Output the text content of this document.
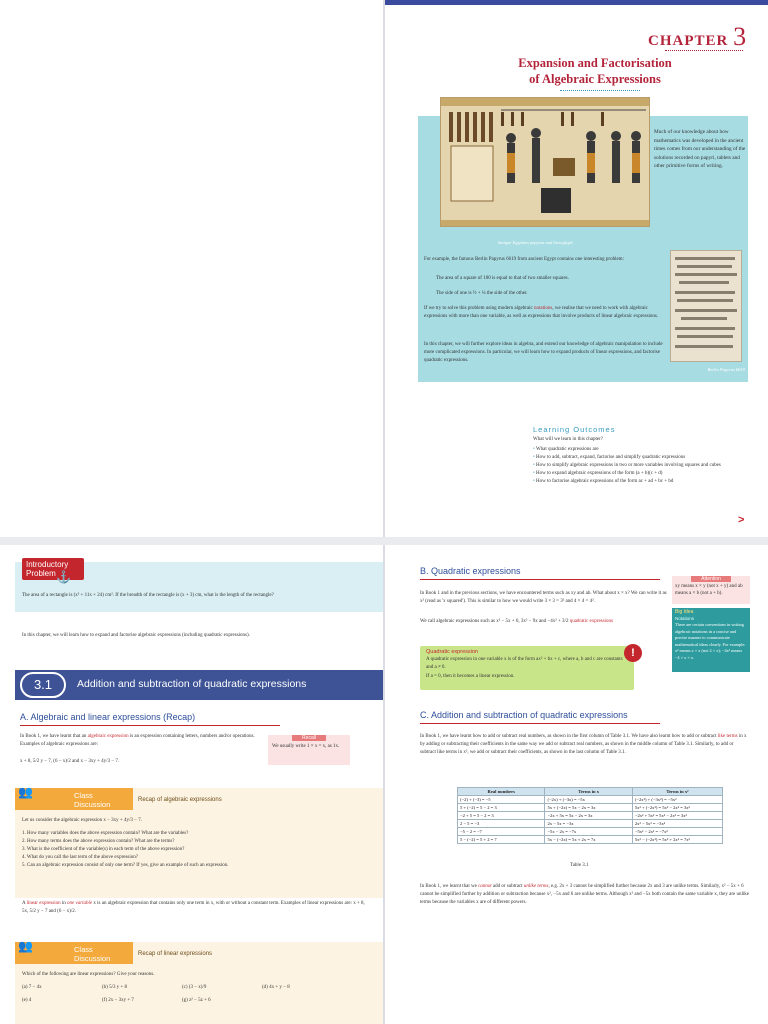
CHAPTER 3
Expansion and Factorisation
of Algebraic Expressions
Much of our knowledge about how mathematics was developed in the ancient times comes from our understanding of the solutions recorded on papyri, tablets and other primitive forms of writing.
Antique Egyptian papyrus and hieroglyph
For example, the famous Berlin Papyrus 6619 from ancient Egypt contains one interesting problem:
The area of a square of 100 is equal to that of two smaller squares.
The side of one is ½ + ¼ the side of the other.
If we try to solve this problem using modern algebraic notations, we realise that we need to work with algebraic expressions with more than one variable, as well as expressions that involve products of linear algebraic expressions.
In this chapter, we will further explore ideas in algebra, and extend our knowledge of algebraic manipulation to include more complicated expressions. In particular, we will learn how to expand products of linear expressions, and factorise quadratic expressions.
Berlin Papyrus 6619
Learning Outcomes
What will we learn in this chapter?
• What quadratic expressions are
• How to add, subtract, expand, factorise and simplify quadratic expressions
• How to simplify algebraic expressions in two or more variables involving squares and cubes
• How to expand algebraic expressions of the form (a + b)(c + d)
• How to factorise algebraic expressions of the form ac + ad + bc + bd
>
Introductory Problem ⚓
The area of a rectangle is (x² + 11x + 24) cm². If the breadth of the rectangle is (x + 3) cm, what is the length of the rectangle?
In this chapter, we will learn how to expand and factorise algebraic expressions (including quadratic expressions).
3.1	Addition and subtraction of quadratic expressions
A. Algebraic and linear expressions (Recap)
In Book 1, we have learnt that an algebraic expression is an expression containing letters, numbers and/or operations. Examples of algebraic expressions are:
x + 8, 5/2 y − 7, (6 − x)/2 and x − 3xy + 4y/3 − 7.
Recall
We usually write 1 × x = x, as 1x.
👥	Class Discussion	Recap of algebraic expressions
Let us consider the algebraic expression x − 3xy + 4y/3 − 7.
1. How many variables does the above expression contain? What are the variables?
2. How many terms does the above expression contain? What are the terms?
3. What is the coefficient of the variable(s) in each term of the above expression?
4. What do you call the last term of the above expression?
5. Can an algebraic expression consist of only one term? If yes, give an example of such an expression.
A linear expression in one variable x is an algebraic expression that contains only one term in x, with or without a constant term. Examples of linear expressions are: x + 8, 5x, 5/2 y − 7 and (6 − x)/2.
👥	Class Discussion	Recap of linear expressions
Which of the following are linear expressions? Give your reasons.
(a) 7 − 4x	(b) 5/3 y + 8	(c) (3 − x)/9	(d) 4x + y − 8
(e) 4	(f) 2x − 3xy + 7	(g) z² − 5z + 6
B. Quadratic expressions
In Book 1 and in the previous sections, we have encountered terms such as xy and ab. What about x × x? We can write it as x² (read as 'x squared'). This is similar to how we would write 3 × 3 = 3² and 4 × 4 = 4².
We call algebraic expressions such as x² − 5x + 6, 3x² − 9x and −4x² + 3/2 quadratic expressions
Attention
xy means x × y (not x + y) and ab means a × b (not a + b).
Big Idea
Notations
There are certain conventions in writing algebraic notations in a concise and precise manner to communicate mathematical ideas clearly. For example: x² means x × x (not 2 × x); −4x² means −4 × x × x.
Quadratic expression
A quadratic expression in one variable x is of the form ax² + bx + c, where a, b and c are constants and a ≠ 0.
If a = 0, then it becomes a linear expression.
!
C. Addition and subtraction of quadratic expressions
In Book 1, we have learnt how to add or subtract real numbers, as shown in the first column of Table 3.1. We have also learnt how to add or subtract like terms in x by adding or subtracting their coefficients in the same way we add or subtract real numbers, as shown in the middle column of Table 3.1. Similarly, to add or subtract like terms in x², we add or subtract their coefficients, as shown in the last column of Table 3.1.
Real numbers	Terms in x	Terms in x²
(−2) + (−3) = −5	(−2x) + (−3x) = −5x	(−2x²) + (−3x²) = −5x²
5 + (−2) = 5 − 2 = 3	5x + (−2x) = 5x − 2x = 3x	5x² + (−2x²) = 5x² − 2x² = 3x²
−2 + 5 = 5 − 2 = 3	−2x + 5x = 5x − 2x = 3x	−2x² + 5x² = 5x² − 2x² = 3x²
2 − 5 = −3	2x − 5x = −3x	2x² − 5x² = −3x²
−5 − 2 = −7	−5x − 2x = −7x	−5x² − 2x² = −7x²
5 − (−2) = 5 + 2 = 7	5x − (−2x) = 5x + 2x = 7x	5x² − (−2x²) = 5x² + 2x² = 7x²
Table 3.1
In Book 1, we learnt that we cannot add or subtract unlike terms, e.g. 2x + 3 cannot be simplified further because 2x and 3 are unlike terms. Similarly, x² − 5x + 6 cannot be simplified further by addition or subtraction because x², −5x and 6 are unlike terms. Although x² and −5x both contain the same variable x, they are unlike terms because the variables x are of different powers.
